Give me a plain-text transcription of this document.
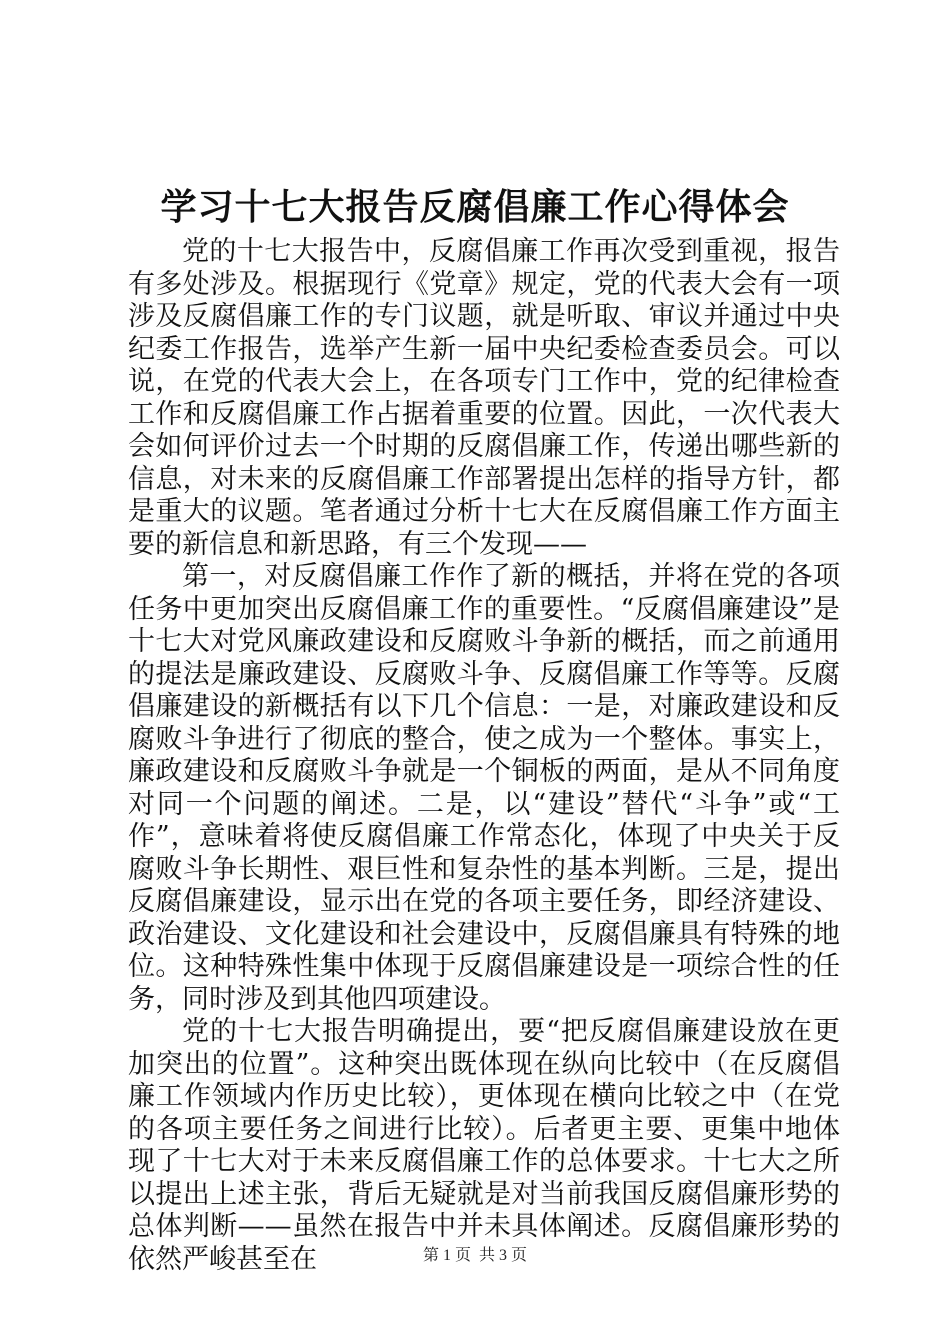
学习十七大报告反腐倡廉工作心得体会

党的十七大报告中，反腐倡廉工作再次受到重视，报告有多处涉及。根据现行《党章》规定，党的代表大会有一项涉及反腐倡廉工作的专门议题，就是听取、审议并通过中央纪委工作报告，选举产生新一届中央纪委检查委员会。可以说，在党的代表大会上，在各项专门工作中，党的纪律检查工作和反腐倡廉工作占据着重要的位置。因此，一次代表大会如何评价过去一个时期的反腐倡廉工作，传递出哪些新的信息，对未来的反腐倡廉工作部署提出怎样的指导方针，都是重大的议题。笔者通过分析十七大在反腐倡廉工作方面主要的新信息和新思路，有三个发现——

第一，对反腐倡廉工作作了新的概括，并将在党的各项任务中更加突出反腐倡廉工作的重要性。“反腐倡廉建设”是十七大对党风廉政建设和反腐败斗争新的概括，而之前通用的提法是廉政建设、反腐败斗争、反腐倡廉工作等等。反腐倡廉建设的新概括有以下几个信息：一是，对廉政建设和反腐败斗争进行了彻底的整合，使之成为一个整体。事实上，廉政建设和反腐败斗争就是一个铜板的两面，是从不同角度对同一个问题的阐述。二是，以“建设”替代“斗争”或“工作”，意味着将使反腐倡廉工作常态化，体现了中央关于反腐败斗争长期性、艰巨性和复杂性的基本判断。三是，提出反腐倡廉建设，显示出在党的各项主要任务，即经济建设、政治建设、文化建设和社会建设中，反腐倡廉具有特殊的地位。这种特殊性集中体现于反腐倡廉建设是一项综合性的任务，同时涉及到其他四项建设。

党的十七大报告明确提出，要“把反腐倡廉建设放在更加突出的位置”。这种突出既体现在纵向比较中（在反腐倡廉工作领域内作历史比较），更体现在横向比较之中（在党的各项主要任务之间进行比较）。后者更主要、更集中地体现了十七大对于未来反腐倡廉工作的总体要求。十七大之所以提出上述主张，背后无疑就是对当前我国反腐倡廉形势的总体判断——虽然在报告中并未具体阐述。反腐倡廉形势的依然严峻甚至在	第 1 页  共 3 页
